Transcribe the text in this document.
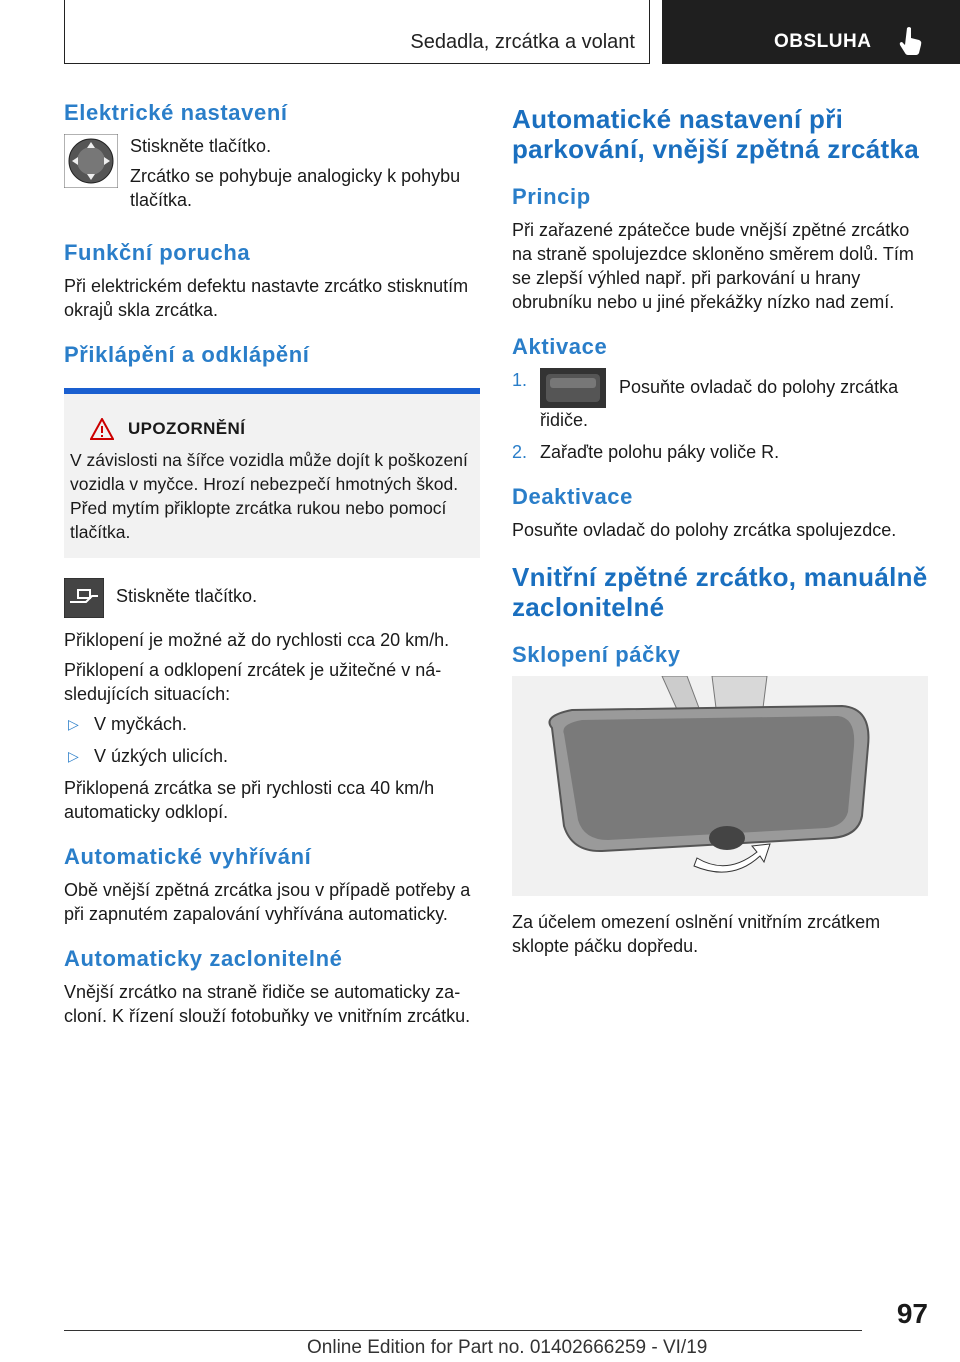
Sedadla, zrcátka a volant	OBSLUHA
Elektrické nastavení

Stiskněte tlačítko.

Zrcátko se pohybuje analogicky k pohybu tlačítka.

Funkční porucha

Při elektrickém defektu nastavte zrcátko stisknutím okrajů skla zrcátka.

Přiklápění a odklápění
UPOZORNĚNÍ

V závislosti na šířce vozidla může dojít k poškození vozidla v myčce. Hrozí nebezpečí hmotných škod. Před mytím přiklopte zrcátka rukou nebo pomocí tlačítka.

Stiskněte tlačítko.

Přiklopení je možné až do rychlosti cca 20 km/h.

Přiklopení a odklopení zrcátek je užitečné v následujících situacích:

▷ V myčkách.
▷ V úzkých ulicích.

Přiklopená zrcátka se při rychlosti cca 40 km/h automaticky odklopí.

Automatické vyhřívání

Obě vnější zpětná zrcátka jsou v případě potřeby a při zapnutém zapalování vyhřívána automaticky.

Automaticky zaclonitelné

Vnější zrcátko na straně řidiče se automaticky zacloní. K řízení slouží fotobuňky ve vnitřním zrcátku.

Automatické nastavení při parkování, vnější zpětná zrcátka
Princip

Při zařazené zpátečce bude vnější zpětné zrcátko na straně spolujezdce skloněno směrem dolů. Tím se zlepší výhled např. při parkování u hrany obrubníku nebo u jiné překážky nízko nad zemí.

Aktivace
1.	Posuňte ovladač do polohy zrcátka řidiče.
2. Zařaďte polohu páky voliče R.
Deaktivace

Posuňte ovladač do polohy zrcátka spolujezdce.

Vnitřní zpětné zrcátko, manuálně zaclonitelné
Sklopení páčky

Za účelem omezení oslnění vnitřním zrcátkem sklopte páčku dopředu.

97
Online Edition for Part no. 01402666259 - VI/19
